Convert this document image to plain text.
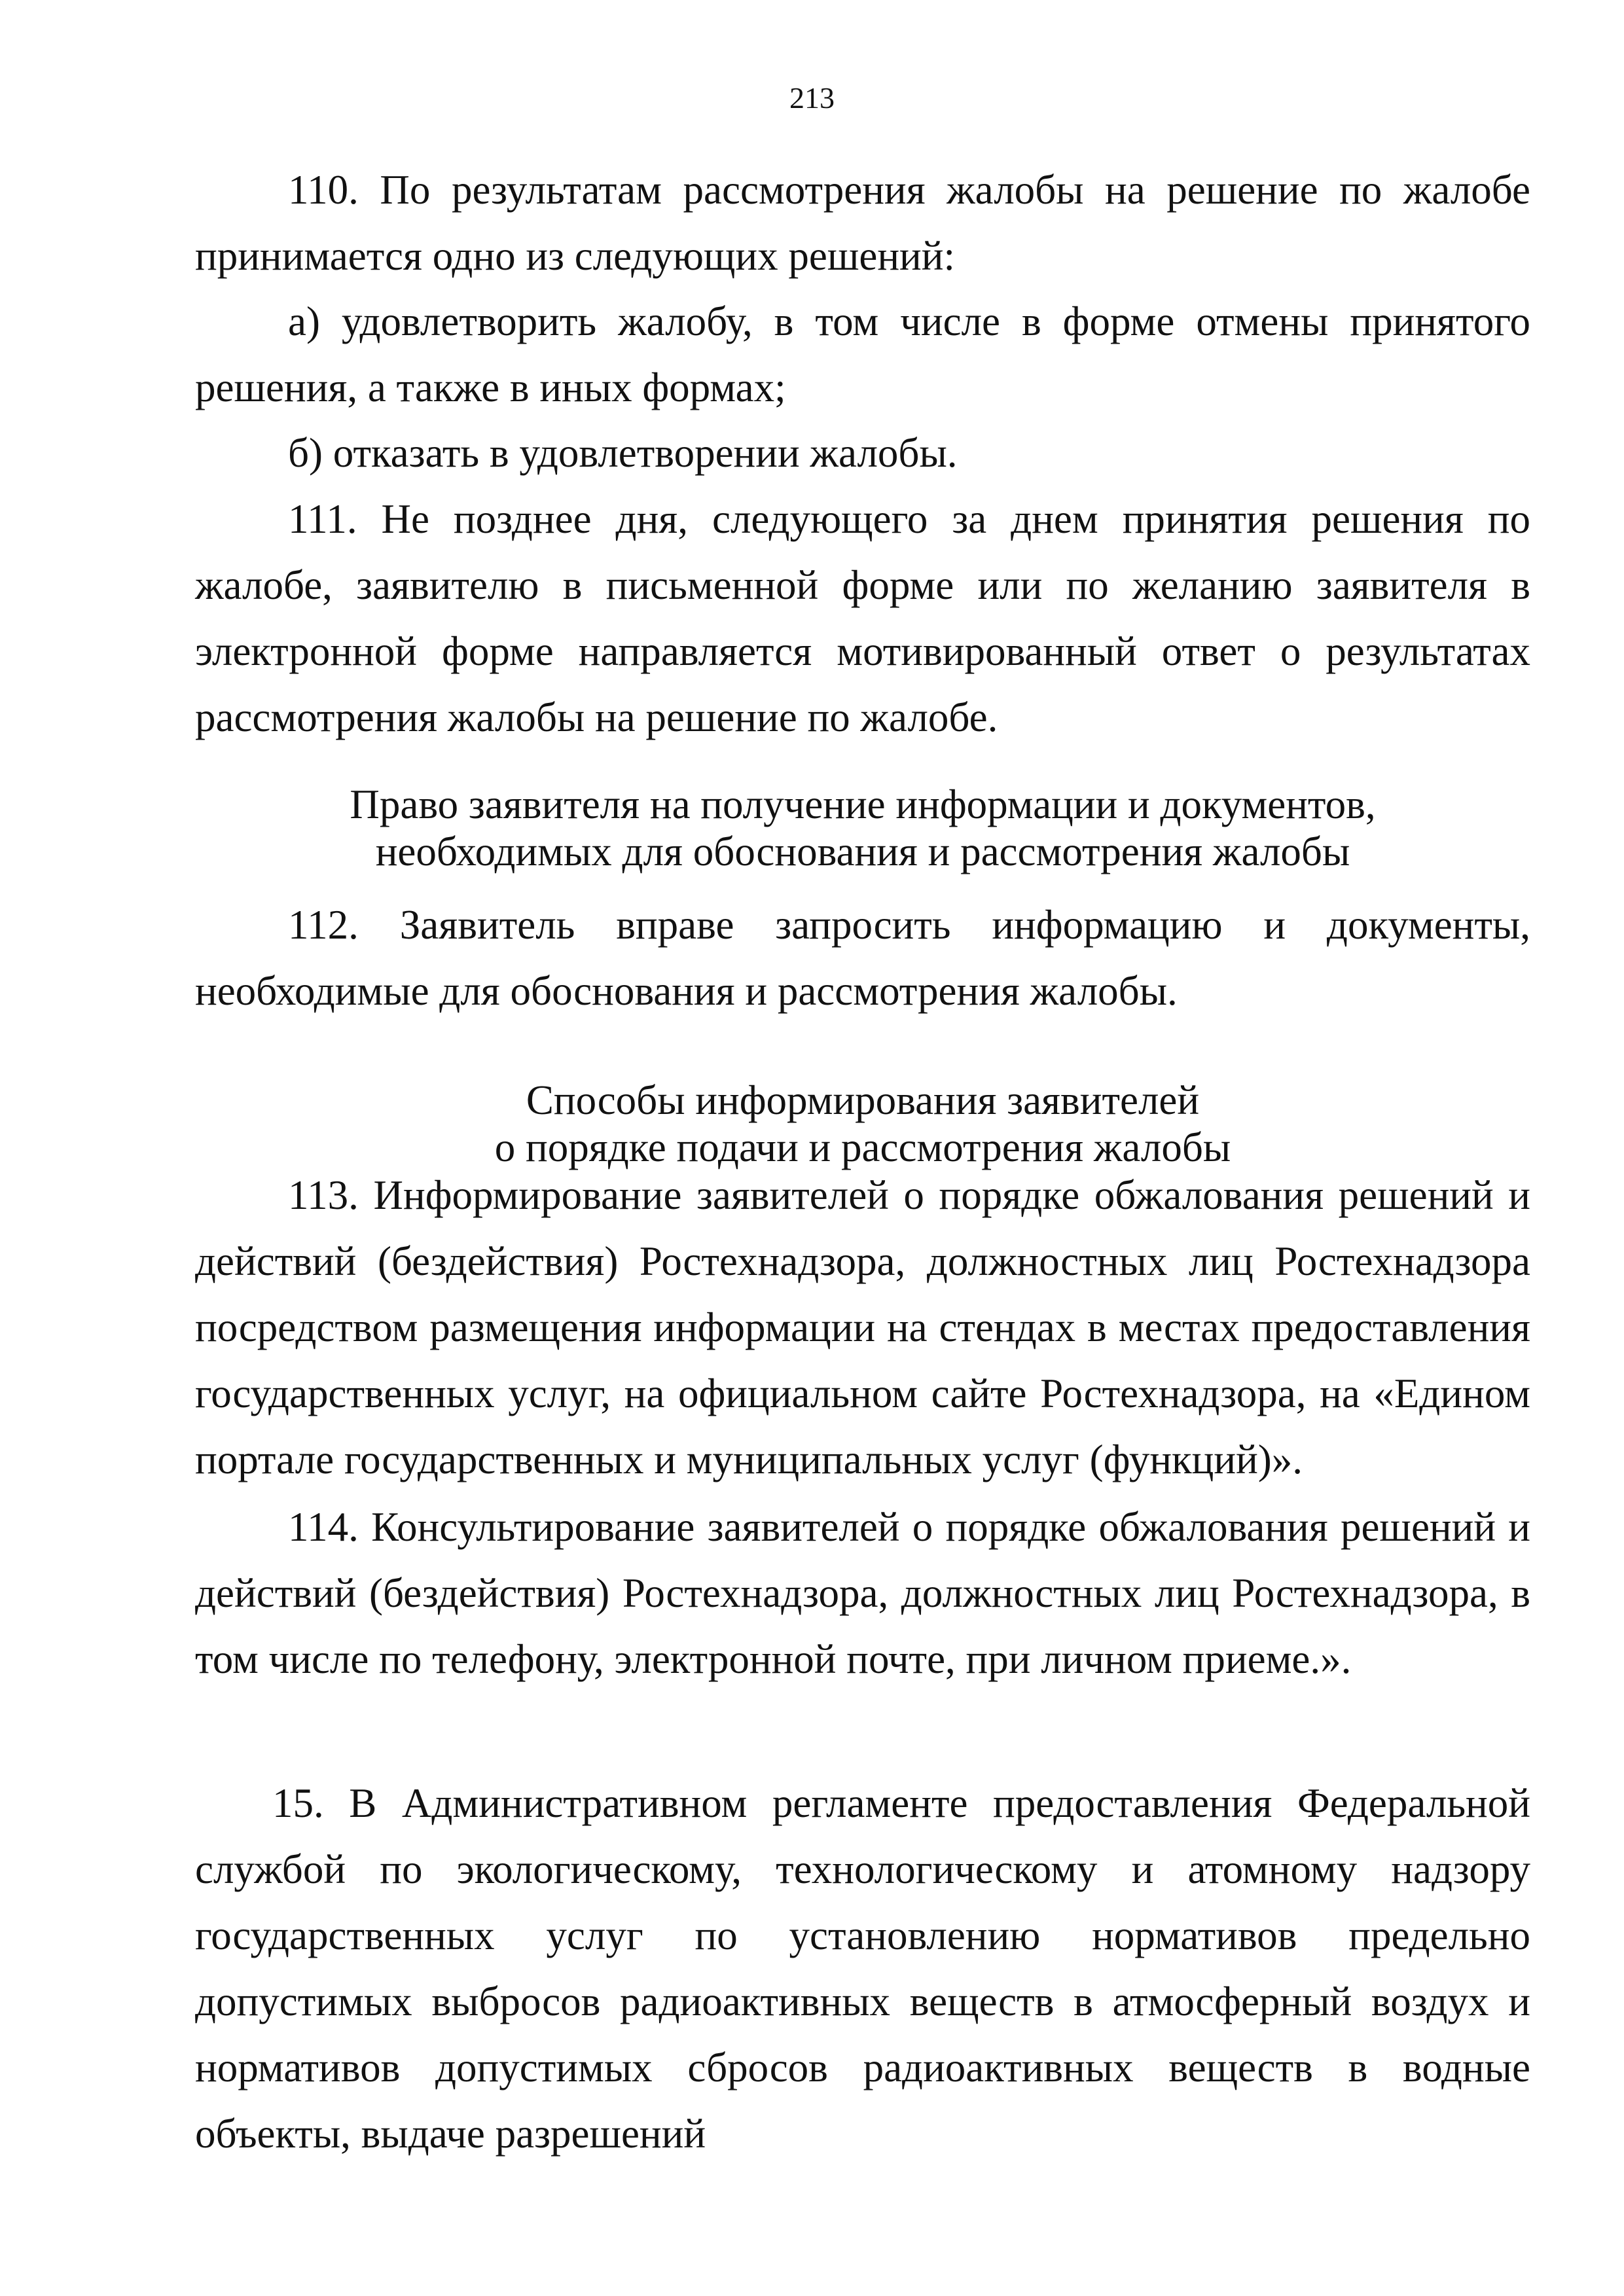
213

110. По результатам рассмотрения жалобы на решение по жалобе принимается одно из следующих решений:

а) удовлетворить жалобу, в том числе в форме отмены принятого решения, а также в иных формах;

б) отказать в удовлетворении жалобы.

111. Не позднее дня, следующего за днем принятия решения по жалобе, заявителю в письменной форме или по желанию заявителя в электронной форме направляется мотивированный ответ о результатах рассмотрения жалобы на решение по жалобе.

Право заявителя на получение информации и документов,
необходимых для обоснования и рассмотрения жалобы

112. Заявитель вправе запросить информацию и документы, необходимые для обоснования и рассмотрения жалобы.

Способы информирования заявителей
о порядке подачи и рассмотрения жалобы

113. Информирование заявителей о порядке обжалования решений и действий (бездействия) Ростехнадзора, должностных лиц Ростехнадзора посредством размещения информации на стендах в местах предоставления государственных услуг, на официальном сайте Ростехнадзора, на «Едином портале государственных и муниципальных услуг (функций)».

114. Консультирование заявителей о порядке обжалования решений и действий (бездействия) Ростехнадзора, должностных лиц Ростехнадзора, в том числе по телефону, электронной почте, при личном приеме.».

15. В Административном регламенте предоставления Федеральной службой по экологическому, технологическому и атомному надзору государственных услуг по установлению нормативов предельно допустимых выбросов радиоактивных веществ в атмосферный воздух и нормативов допустимых сбросов радиоактивных веществ в водные объекты, выдаче разрешений
